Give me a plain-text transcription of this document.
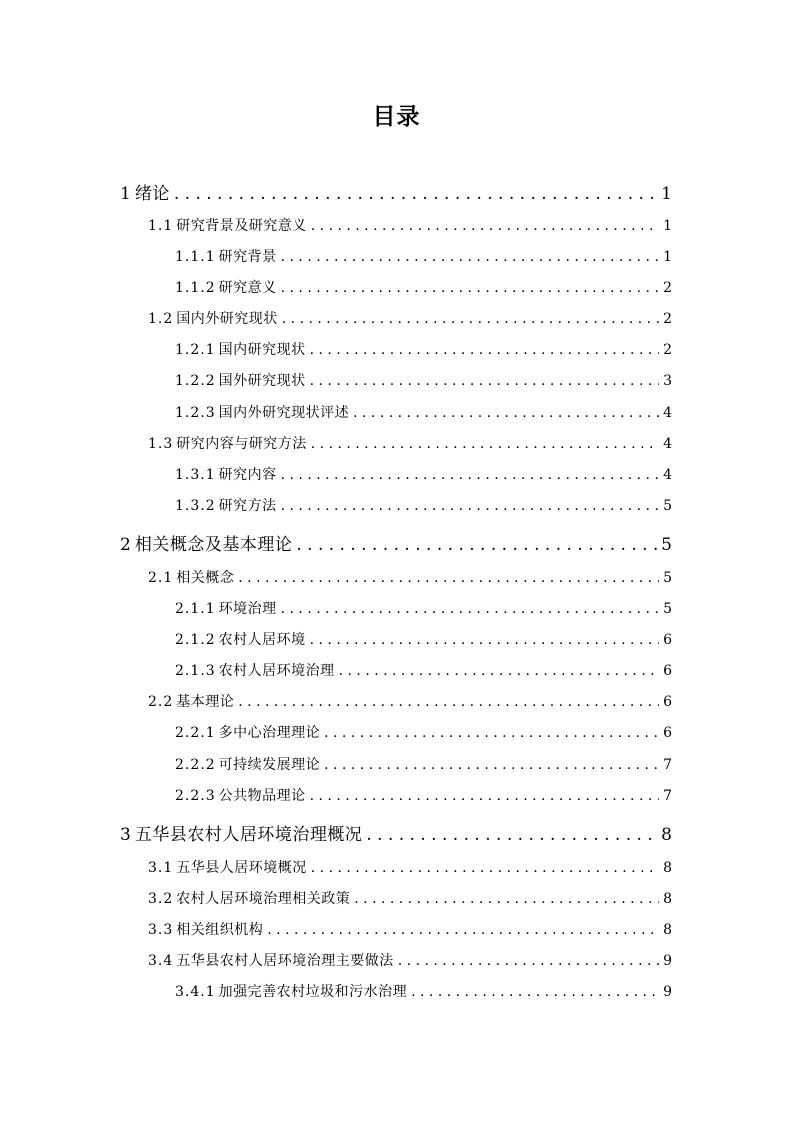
目录
1 绪论 . . .	1
1.1 研究背景及研究意义 . . .	1
1.1.1 研究背景 . . .	1
1.1.2 研究意义 . . .	2
1.2 国内外研究现状 . . .	2
1.2.1 国内研究现状 . . .	2
1.2.2 国外研究现状 . . .	3
1.2.3 国内外研究现状评述 . . .	4
1.3 研究内容与研究方法 . . .	4
1.3.1 研究内容 . . .	4
1.3.2 研究方法 . . .	5
2 相关概念及基本理论 . . .	5
2.1 相关概念 . . .	5
2.1.1 环境治理 . . .	5
2.1.2 农村人居环境 . . .	6
2.1.3 农村人居环境治理 . . .	6
2.2 基本理论 . . .	6
2.2.1 多中心治理理论 . . .	6
2.2.2 可持续发展理论 . . .	7
2.2.3 公共物品理论 . . .	7
3 五华县农村人居环境治理概况 . . .	8
3.1 五华县人居环境概况 . . .	8
3.2 农村人居环境治理相关政策 . . .	8
3.3 相关组织机构 . . .	8
3.4 五华县农村人居环境治理主要做法 . . .	9
3.4.1 加强完善农村垃圾和污水治理 . . .	9
